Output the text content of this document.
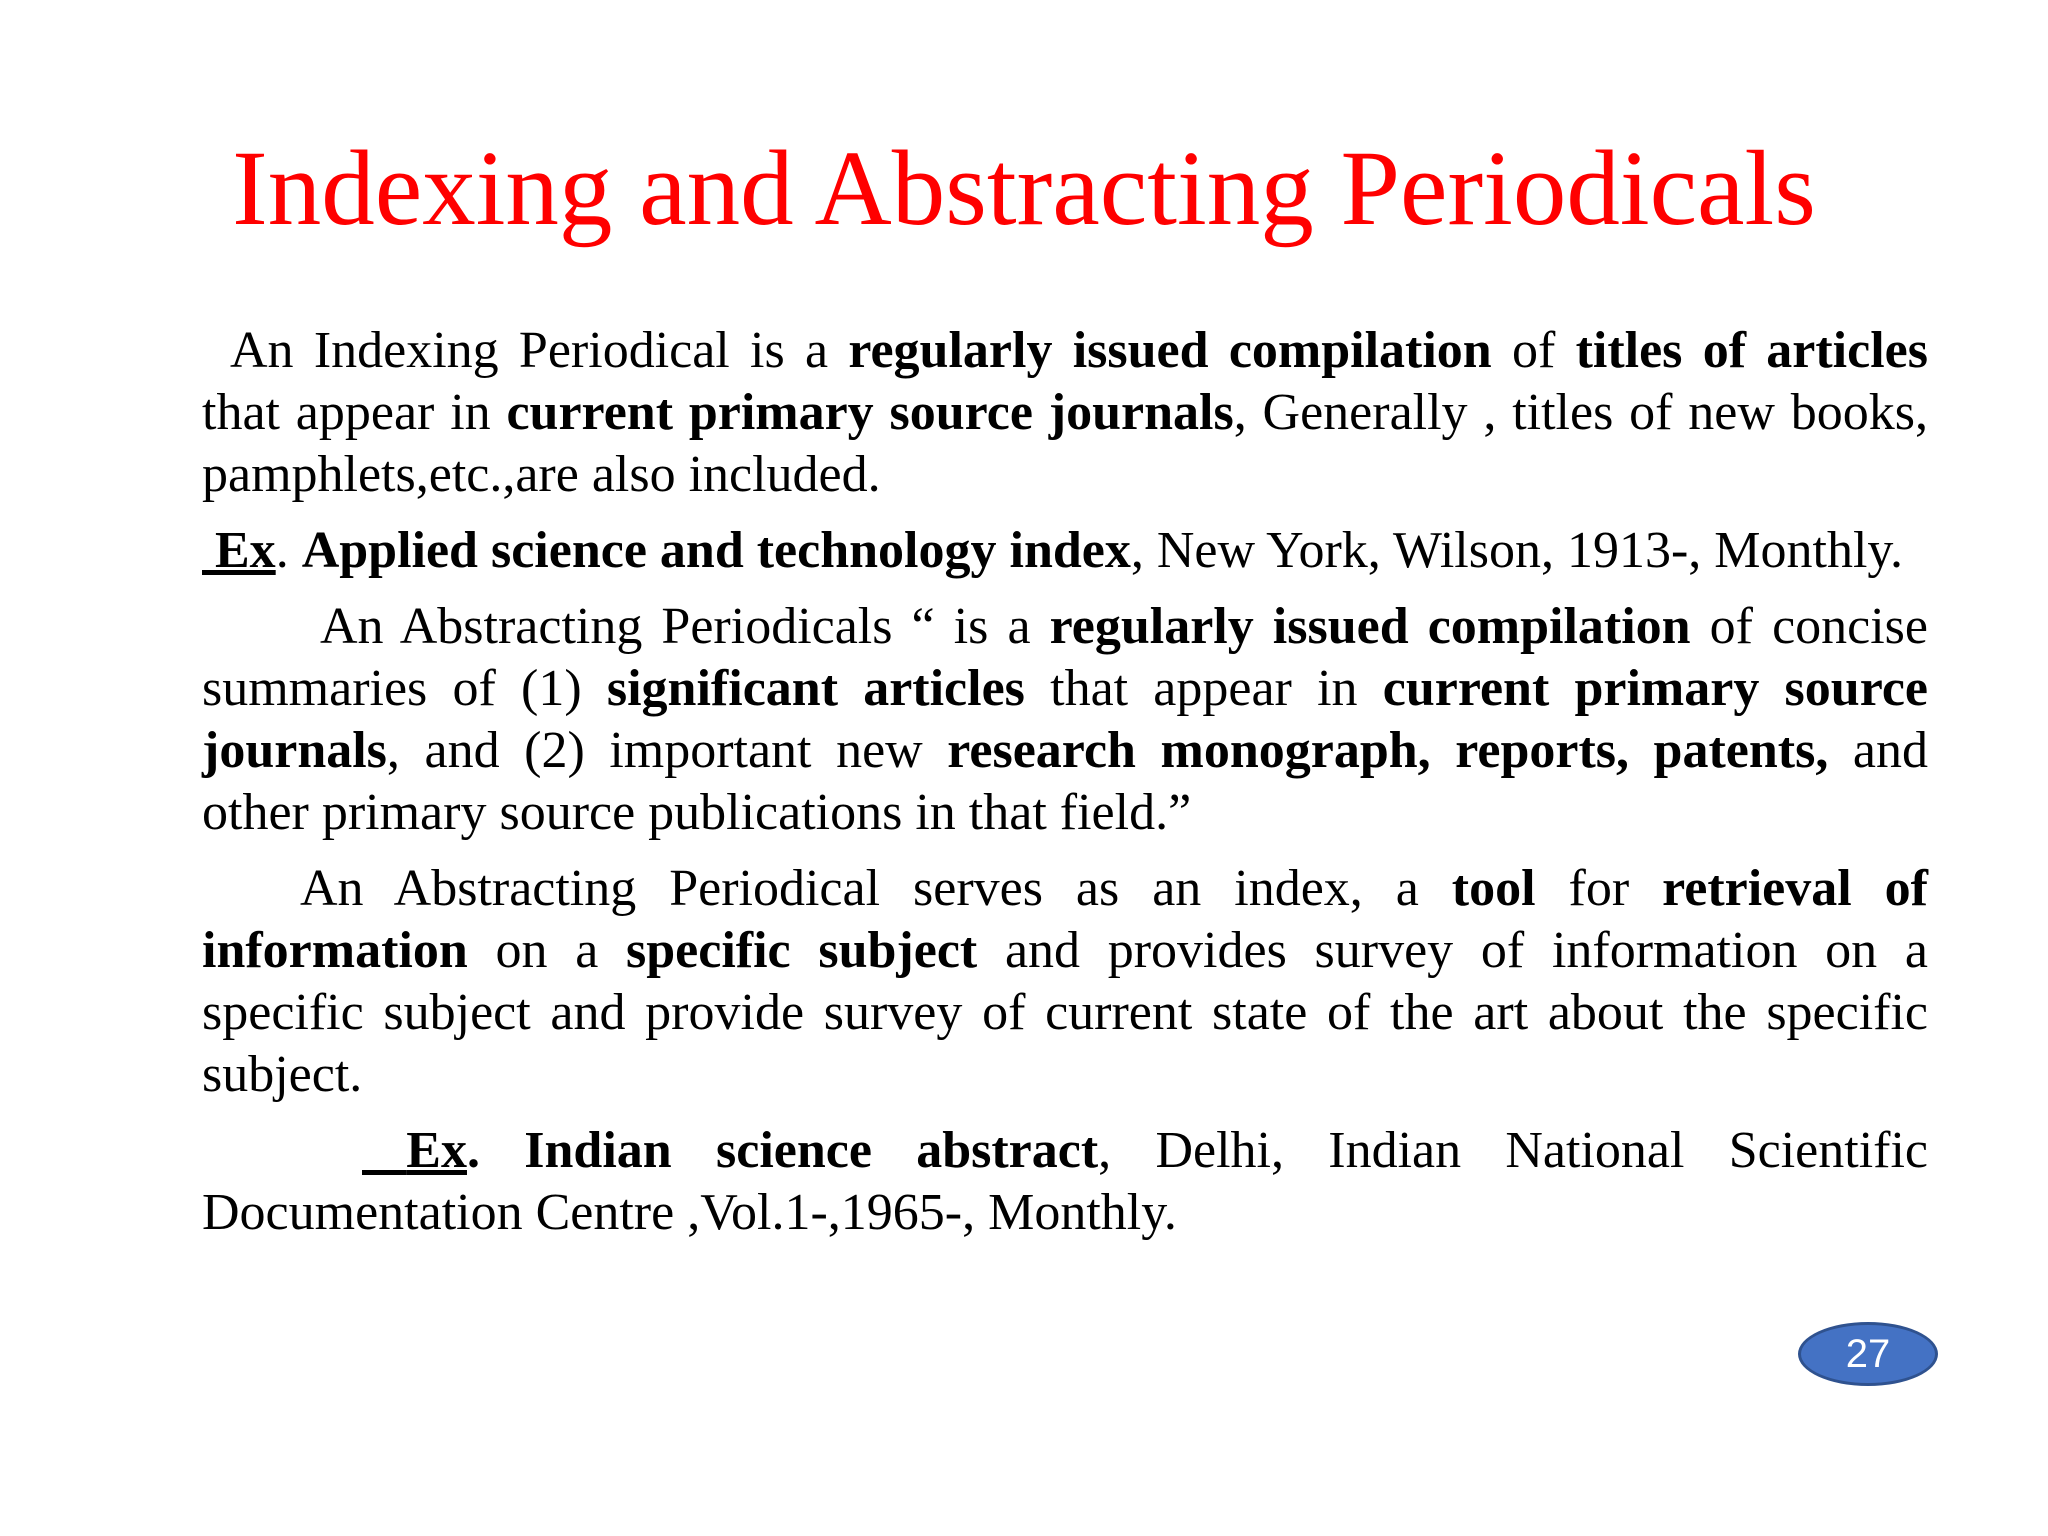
Indexing and Abstracting Periodicals

An Indexing Periodical is a regularly issued compilation of titles of articles that appear in current primary source journals, Generally , titles of new books, pamphlets,etc.,are also included.

Ex. Applied science and technology index, New York, Wilson, 1913-, Monthly.

An Abstracting Periodicals “ is a regularly issued compilation of concise summaries of (1) significant articles that appear in current primary source journals, and (2) important new research monograph, reports, patents, and other primary source publications in that field.”

An Abstracting Periodical serves as an index, a tool for retrieval of information on a specific subject and provides survey of information on a specific subject and provide survey of current state of the art about the specific subject.

Ex. Indian science abstract, Delhi, Indian National Scientific Documentation Centre ,Vol.1-,1965-, Monthly.

27
